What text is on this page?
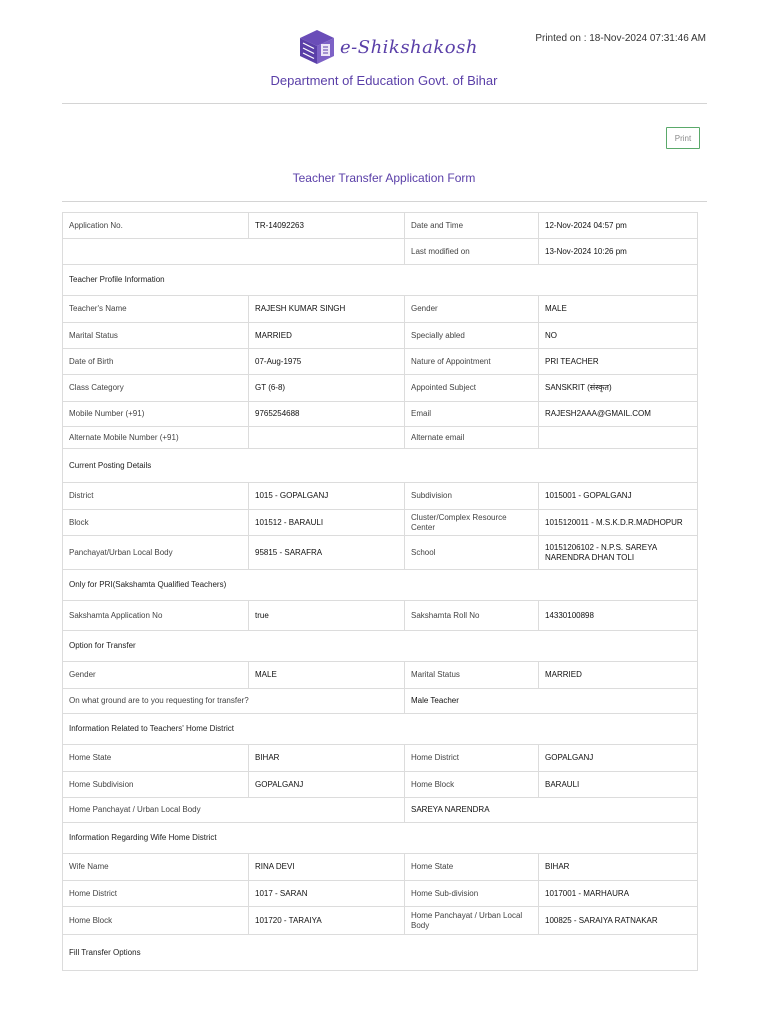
e-Shikshakosh
Department of Education Govt. of Bihar
Printed on : 18-Nov-2024 07:31:46 AM
Print
Teacher Transfer Application Form
Application No.	TR-14092263	Date and Time	12-Nov-2024 04:57 pm
		Last modified on	13-Nov-2024 10:26 pm
Teacher Profile Information			
Teacher's Name	RAJESH KUMAR SINGH	Gender	MALE
Marital Status	MARRIED	Specially abled	NO
Date of Birth	07-Aug-1975	Nature of Appointment	PRI TEACHER
Class Category	GT (6-8)	Appointed Subject	SANSKRIT (संस्कृत)
Mobile Number (+91)	9765254688	Email	RAJESH2AAA@GMAIL.COM
Alternate Mobile Number (+91)		Alternate email	
Current Posting Details			
District	1015 - GOPALGANJ	Subdivision	1015001 - GOPALGANJ
Block	101512 - BARAULI	Cluster/Complex Resource Center	1015120011 - M.S.K.D.R.MADHOPUR
Panchayat/Urban Local Body	95815 - SARAFRA	School	10151206102 - N.P.S. SAREYA NARENDRA DHAN TOLI
Only for PRI(Sakshamta Qualified Teachers)			
Sakshamta Application No	true	Sakshamta Roll No	14330100898
Option for Transfer			
Gender	MALE	Marital Status	MARRIED
On what ground are to you requesting for transfer?		Male Teacher	
Information Related to Teachers' Home District			
Home State	BIHAR	Home District	GOPALGANJ
Home Subdivision	GOPALGANJ	Home Block	BARAULI
Home Panchayat / Urban Local Body		SAREYA NARENDRA	
Information Regarding Wife Home District			
Wife Name	RINA DEVI	Home State	BIHAR
Home District	1017 - SARAN	Home Sub-division	1017001 - MARHAURA
Home Block	101720 - TARAIYA	Home Panchayat / Urban Local Body	100825 - SARAIYA RATNAKAR
Fill Transfer Options			
